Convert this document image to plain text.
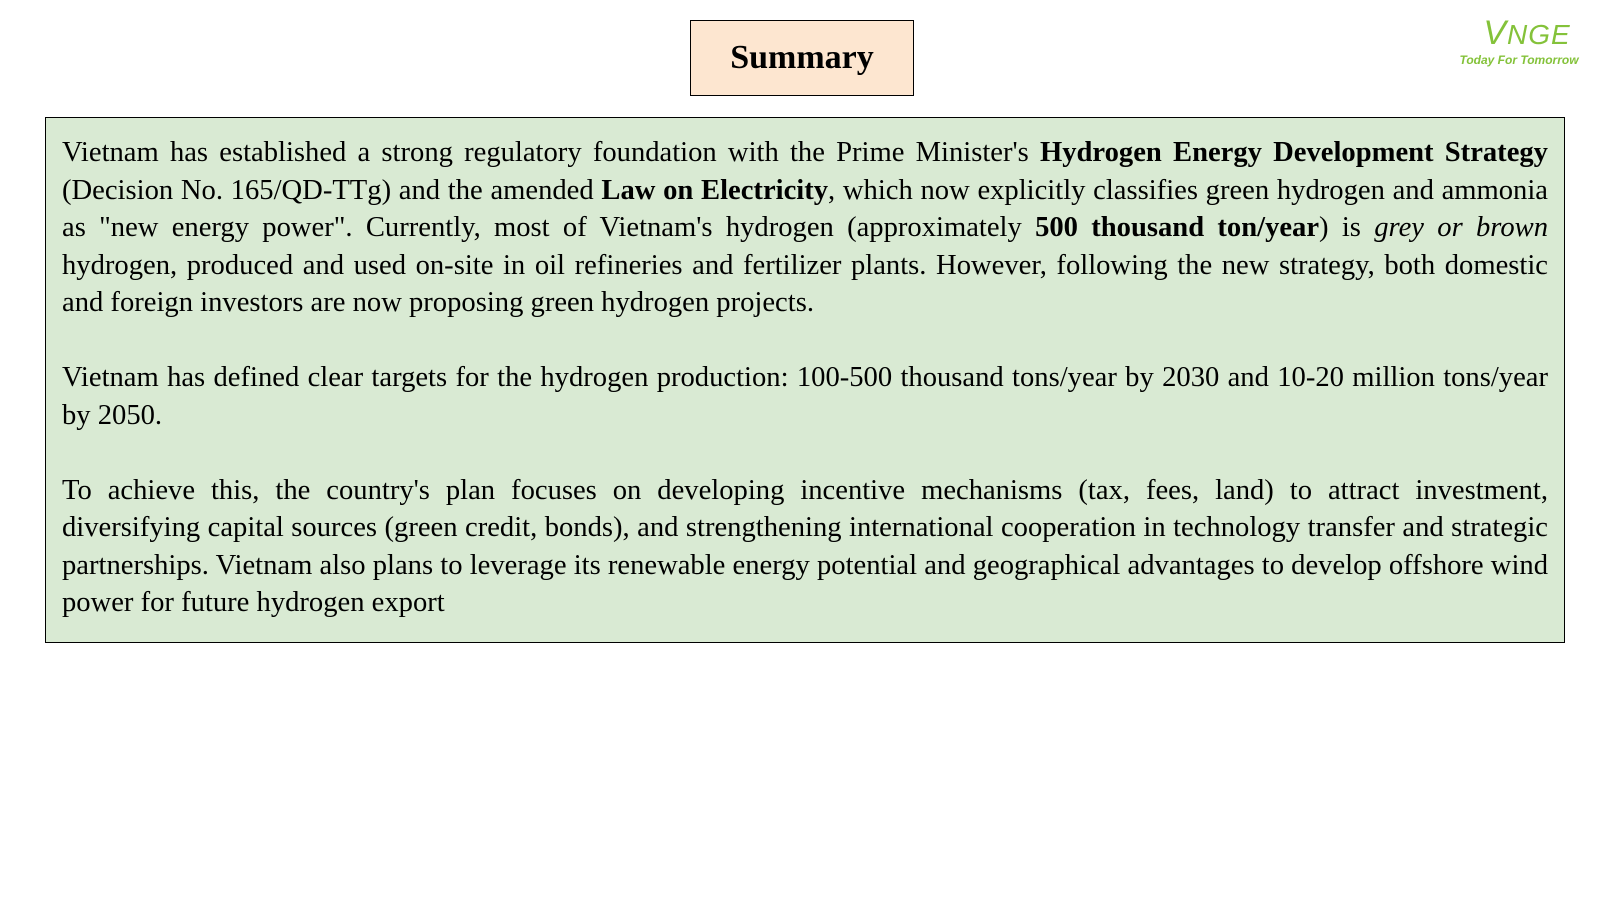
Summary
VNGE
Today For Tomorrow

Vietnam has established a strong regulatory foundation with the Prime Minister's Hydrogen Energy Development Strategy (Decision No. 165/QD-TTg) and the amended Law on Electricity, which now explicitly classifies green hydrogen and ammonia as "new energy power". Currently, most of Vietnam's hydrogen (approximately 500 thousand ton/year) is grey or brown hydrogen, produced and used on-site in oil refineries and fertilizer plants. However, following the new strategy, both domestic and foreign investors are now proposing green hydrogen projects.

Vietnam has defined clear targets for the hydrogen production: 100-500 thousand tons/year by 2030 and 10-20 million tons/year by 2050.

To achieve this, the country's plan focuses on developing incentive mechanisms (tax, fees, land) to attract investment, diversifying capital sources (green credit, bonds), and strengthening international cooperation in technology transfer and strategic partnerships. Vietnam also plans to leverage its renewable energy potential and geographical advantages to develop offshore wind power for future hydrogen export
